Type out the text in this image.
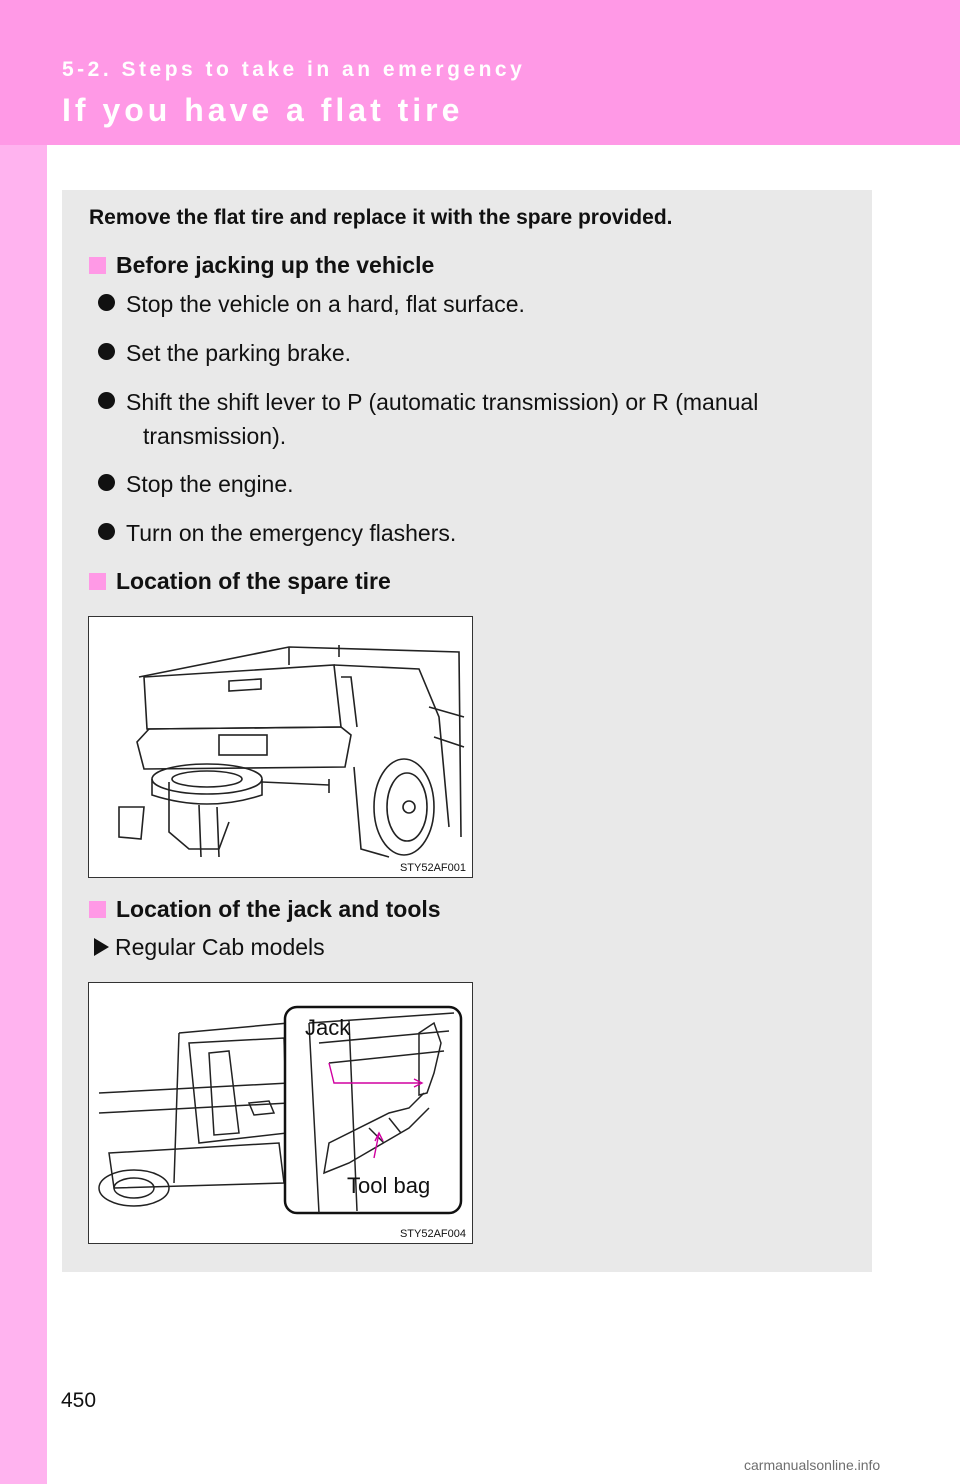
5-2. Steps to take in an emergency
If you have a flat tire
Remove the flat tire and replace it with the spare provided.
Before jacking up the vehicle
Stop the vehicle on a hard, flat surface.
Set the parking brake.
Shift the shift lever to P (automatic transmission) or R (manual
transmission).
Stop the engine.
Turn on the emergency flashers.
Location of the spare tire
STY52AF001
Location of the jack and tools
Regular Cab models
Jack
Tool bag
STY52AF004
450
carmanualsonline.info
